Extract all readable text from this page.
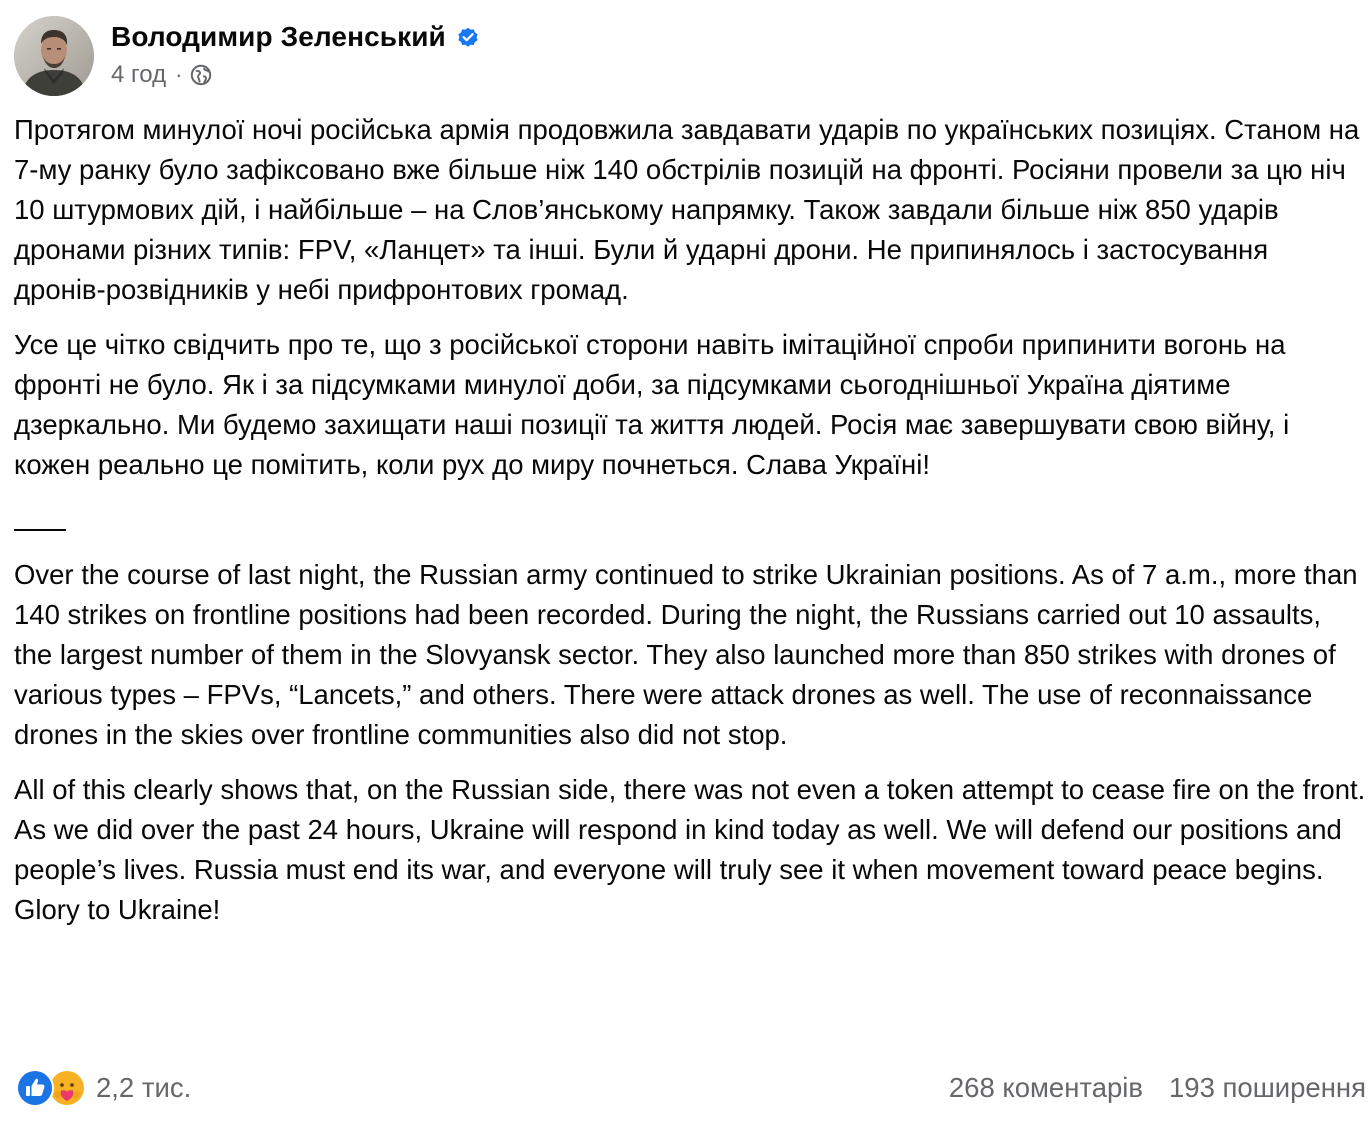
Володимир Зеленський
4 год ·

Протягом минулої ночі російська армія продовжила завдавати ударів по українських позиціях. Станом на 7-му ранку було зафіксовано вже більше ніж 140 обстрілів позицій на фронті. Росіяни провели за цю ніч 10 штурмових дій, і найбільше – на Слов’янському напрямку. Також завдали більше ніж 850 ударів дронами різних типів: FPV, «Ланцет» та інші. Були й ударні дрони. Не припинялось і застосування дронів-розвідників у небі прифронтових громад.

Усе це чітко свідчить про те, що з російської сторони навіть імітаційної спроби припинити вогонь на фронті не було. Як і за підсумками минулої доби, за підсумками сьогоднішньої Україна діятиме дзеркально. Ми будемо захищати наші позиції та життя людей. Росія має завершувати свою війну, і кожен реально це помітить, коли рух до миру почнеться. Слава Україні!

Over the course of last night, the Russian army continued to strike Ukrainian positions. As of 7 a.m., more than 140 strikes on frontline positions had been recorded. During the night, the Russians carried out 10 assaults, the largest number of them in the Slovyansk sector. They also launched more than 850 strikes with drones of various types – FPVs, “Lancets,” and others. There were attack drones as well. The use of reconnaissance drones in the skies over frontline communities also did not stop.

All of this clearly shows that, on the Russian side, there was not even a token attempt to cease fire on the front. As we did over the past 24 hours, Ukraine will respond in kind today as well. We will defend our positions and people’s lives. Russia must end its war, and everyone will truly see it when movement toward peace begins. Glory to Ukraine!

2,2 тис.	268 коментарів 193 поширення
